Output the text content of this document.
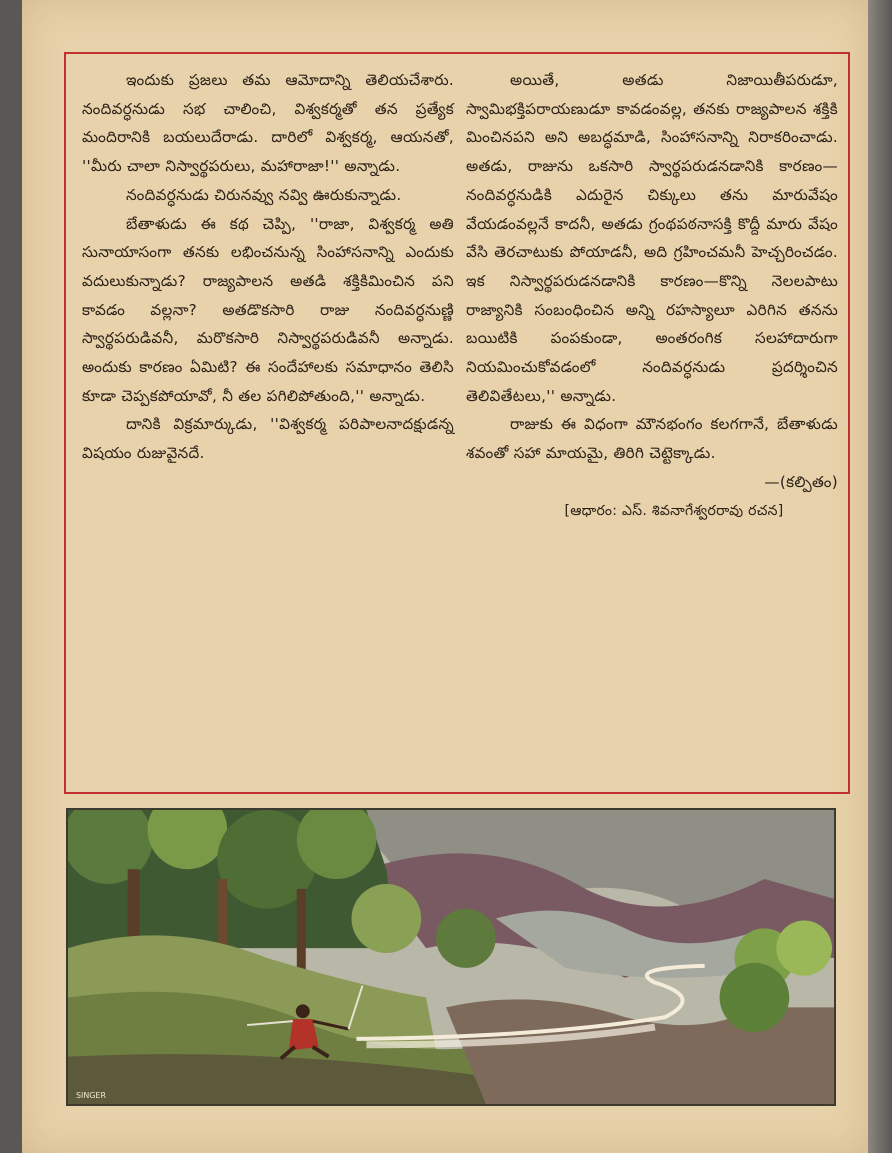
ఇందుకు ప్రజలు తమ ఆమోదాన్ని తెలియచేశారు. నందివర్ధనుడు సభ చాలించి, విశ్వకర్మతో తన ప్రత్యేక మందిరానికి బయలుదేరాడు. దారిలో విశ్వకర్మ, ఆయనతో, ''మీరు చాలా నిస్వార్థపరులు, మహారాజా!'' అన్నాడు.

నందివర్ధనుడు చిరునవ్వు నవ్వి ఊరుకున్నాడు.

బేతాళుడు ఈ కథ చెప్పి, ''రాజా, విశ్వకర్మ అతి సునాయాసంగా తనకు లభించనున్న సింహాసనాన్ని ఎందుకు వదులుకున్నాడు? రాజ్యపాలన అతడి శక్తికిమించిన పని కావడం వల్లనా? అతడొకసారి రాజు నందివర్ధనుణ్ణి స్వార్థపరుడివనీ, మరొకసారి నిస్వార్థపరుడివనీ అన్నాడు. అందుకు కారణం ఏమిటి? ఈ సందేహాలకు సమాధానం తెలిసి కూడా చెప్పకపోయావో, నీ తల పగిలిపోతుంది,'' అన్నాడు.

దానికి విక్రమార్కుడు, ''విశ్వకర్మ పరిపాలనాదక్షుడన్న విషయం రుజువైనదే.

అయితే, అతడు నిజాయితీపరుడూ, స్వామిభక్తిపరాయణుడూ కావడంవల్ల, తనకు రాజ్యపాలన శక్తికి మించినపని అని అబద్ధమాడి, సింహాసనాన్ని నిరాకరించాడు. అతడు, రాజును ఒకసారి స్వార్థపరుడనడానికి కారణం—నందివర్ధనుడికి ఎదురైన చిక్కులు తను మారువేషం వేయడంవల్లనే కాదనీ, అతడు గ్రంథపఠనాసక్తి కొద్దీ మారు వేషం వేసి తెరచాటుకు పోయాడనీ, అది గ్రహించమనీ హెచ్చరించడం. ఇక నిస్వార్థపరుడనడానికి కారణం—కొన్ని నెలలపాటు రాజ్యానికి సంబంధించిన అన్ని రహస్యాలూ ఎరిగిన తనను బయిటికి పంపకుండా, అంతరంగిక సలహాదారుగా నియమించుకోవడంలో నందివర్ధనుడు ప్రదర్శించిన తెలివితేటలు,'' అన్నాడు.

రాజుకు ఈ విధంగా మౌనభంగం కలగగానే, బేతాళుడు శవంతో సహా మాయమై, తిరిగి చెట్టెక్కాడు.

—(కల్పితం)

[ఆధారం: ఎస్. శివనాగేశ్వరరావు రచన]

SINGER
